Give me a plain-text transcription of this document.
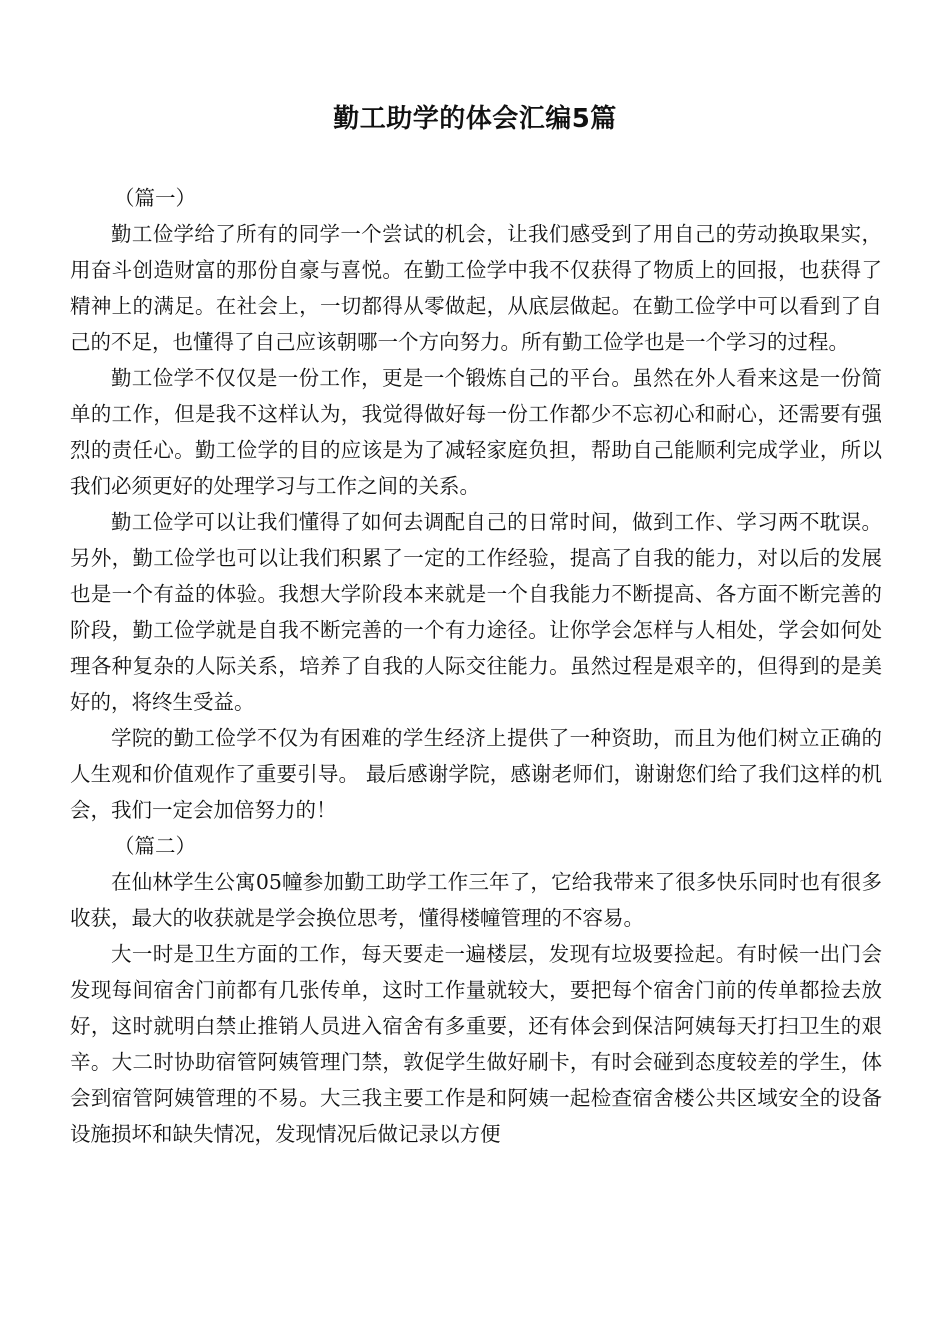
勤工助学的体会汇编5篇

（篇一）

勤工俭学给了所有的同学一个尝试的机会，让我们感受到了用自己的劳动换取果实，用奋斗创造财富的那份自豪与喜悦。在勤工俭学中我不仅获得了物质上的回报，也获得了精神上的满足。在社会上，一切都得从零做起，从底层做起。在勤工俭学中可以看到了自己的不足，也懂得了自己应该朝哪一个方向努力。所有勤工俭学也是一个学习的过程。

勤工俭学不仅仅是一份工作，更是一个锻炼自己的平台。虽然在外人看来这是一份简单的工作，但是我不这样认为，我觉得做好每一份工作都少不忘初心和耐心，还需要有强烈的责任心。勤工俭学的目的应该是为了减轻家庭负担，帮助自己能顺利完成学业，所以我们必须更好的处理学习与工作之间的关系。

勤工俭学可以让我们懂得了如何去调配自己的日常时间，做到工作、学习两不耽误。另外，勤工俭学也可以让我们积累了一定的工作经验，提高了自我的能力，对以后的发展也是一个有益的体验。我想大学阶段本来就是一个自我能力不断提高、各方面不断完善的阶段，勤工俭学就是自我不断完善的一个有力途径。让你学会怎样与人相处，学会如何处理各种复杂的人际关系，培养了自我的人际交往能力。虽然过程是艰辛的，但得到的是美好的，将终生受益。

学院的勤工俭学不仅为有困难的学生经济上提供了一种资助，而且为他们树立正确的人生观和价值观作了重要引导。 最后感谢学院，感谢老师们，谢谢您们给了我们这样的机会，我们一定会加倍努力的！

（篇二）

在仙林学生公寓05幢参加勤工助学工作三年了，它给我带来了很多快乐同时也有很多收获，最大的收获就是学会换位思考，懂得楼幢管理的不容易。

大一时是卫生方面的工作，每天要走一遍楼层，发现有垃圾要捡起。有时候一出门会发现每间宿舍门前都有几张传单，这时工作量就较大，要把每个宿舍门前的传单都捡去放好，这时就明白禁止推销人员进入宿舍有多重要，还有体会到保洁阿姨每天打扫卫生的艰辛。大二时协助宿管阿姨管理门禁，敦促学生做好刷卡，有时会碰到态度较差的学生，体会到宿管阿姨管理的不易。大三我主要工作是和阿姨一起检查宿舍楼公共区域安全的设备设施损坏和缺失情况，发现情况后做记录以方便
